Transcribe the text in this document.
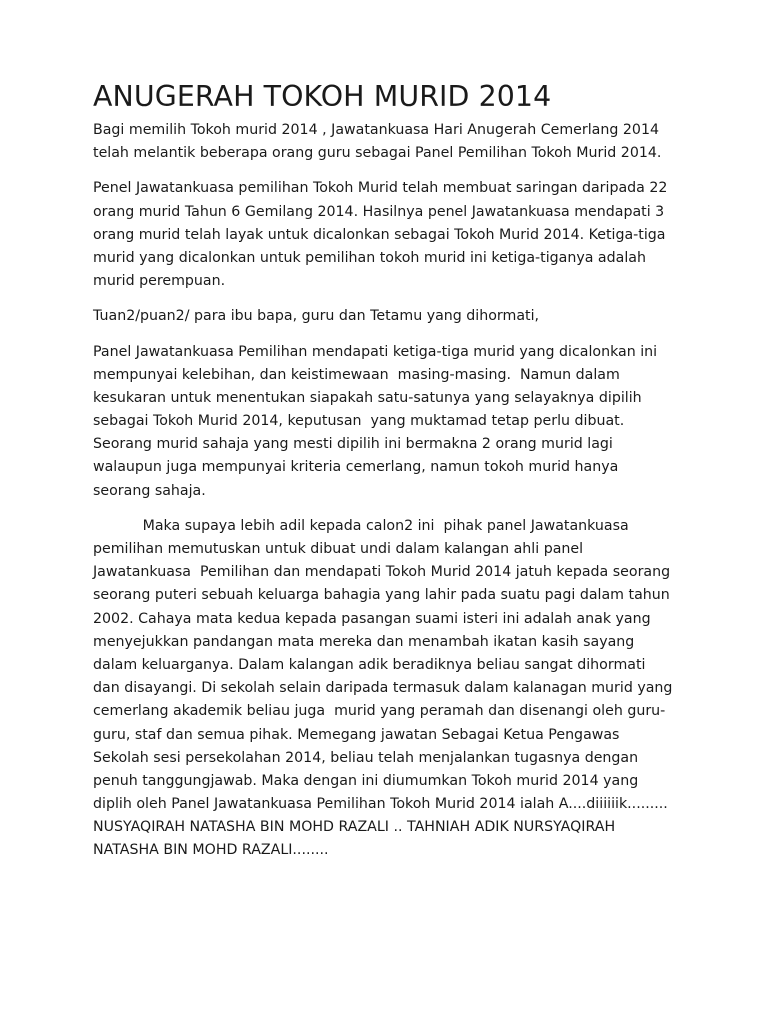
ANUGERAH TOKOH MURID 2014
Bagi memilih Tokoh murid 2014 , Jawatankuasa Hari Anugerah Cemerlang 2014
telah melantik beberapa orang guru sebagai Panel Pemilihan Tokoh Murid 2014.
Penel Jawatankuasa pemilihan Tokoh Murid telah membuat saringan daripada 22
orang murid Tahun 6 Gemilang 2014. Hasilnya penel Jawatankuasa mendapati 3
orang murid telah layak untuk dicalonkan sebagai Tokoh Murid 2014. Ketiga-tiga
murid yang dicalonkan untuk pemilihan tokoh murid ini ketiga-tiganya adalah
murid perempuan.
Tuan2/puan2/ para ibu bapa, guru dan Tetamu yang dihormati,
Panel Jawatankuasa Pemilihan mendapati ketiga-tiga murid yang dicalonkan ini
mempunyai kelebihan, dan keistimewaan  masing-masing.  Namun dalam
kesukaran untuk menentukan siapakah satu-satunya yang selayaknya dipilih
sebagai Tokoh Murid 2014, keputusan  yang muktamad tetap perlu dibuat.
Seorang murid sahaja yang mesti dipilih ini bermakna 2 orang murid lagi
walaupun juga mempunyai kriteria cemerlang, namun tokoh murid hanya
seorang sahaja.
Maka supaya lebih adil kepada calon2 ini  pihak panel Jawatankuasa
pemilihan memutuskan untuk dibuat undi dalam kalangan ahli panel
Jawatankuasa  Pemilihan dan mendapati Tokoh Murid 2014 jatuh kepada seorang
seorang puteri sebuah keluarga bahagia yang lahir pada suatu pagi dalam tahun
2002. Cahaya mata kedua kepada pasangan suami isteri ini adalah anak yang
menyejukkan pandangan mata mereka dan menambah ikatan kasih sayang
dalam keluarganya. Dalam kalangan adik beradiknya beliau sangat dihormati
dan disayangi. Di sekolah selain daripada termasuk dalam kalanagan murid yang
cemerlang akademik beliau juga  murid yang peramah dan disenangi oleh guru-
guru, staf dan semua pihak. Memegang jawatan Sebagai Ketua Pengawas
Sekolah sesi persekolahan 2014, beliau telah menjalankan tugasnya dengan
penuh tanggungjawab. Maka dengan ini diumumkan Tokoh murid 2014 yang
diplih oleh Panel Jawatankuasa Pemilihan Tokoh Murid 2014 ialah A....diiiiiik.........
NUSYAQIRAH NATASHA BIN MOHD RAZALI .. TAHNIAH ADIK NURSYAQIRAH
NATASHA BIN MOHD RAZALI........
